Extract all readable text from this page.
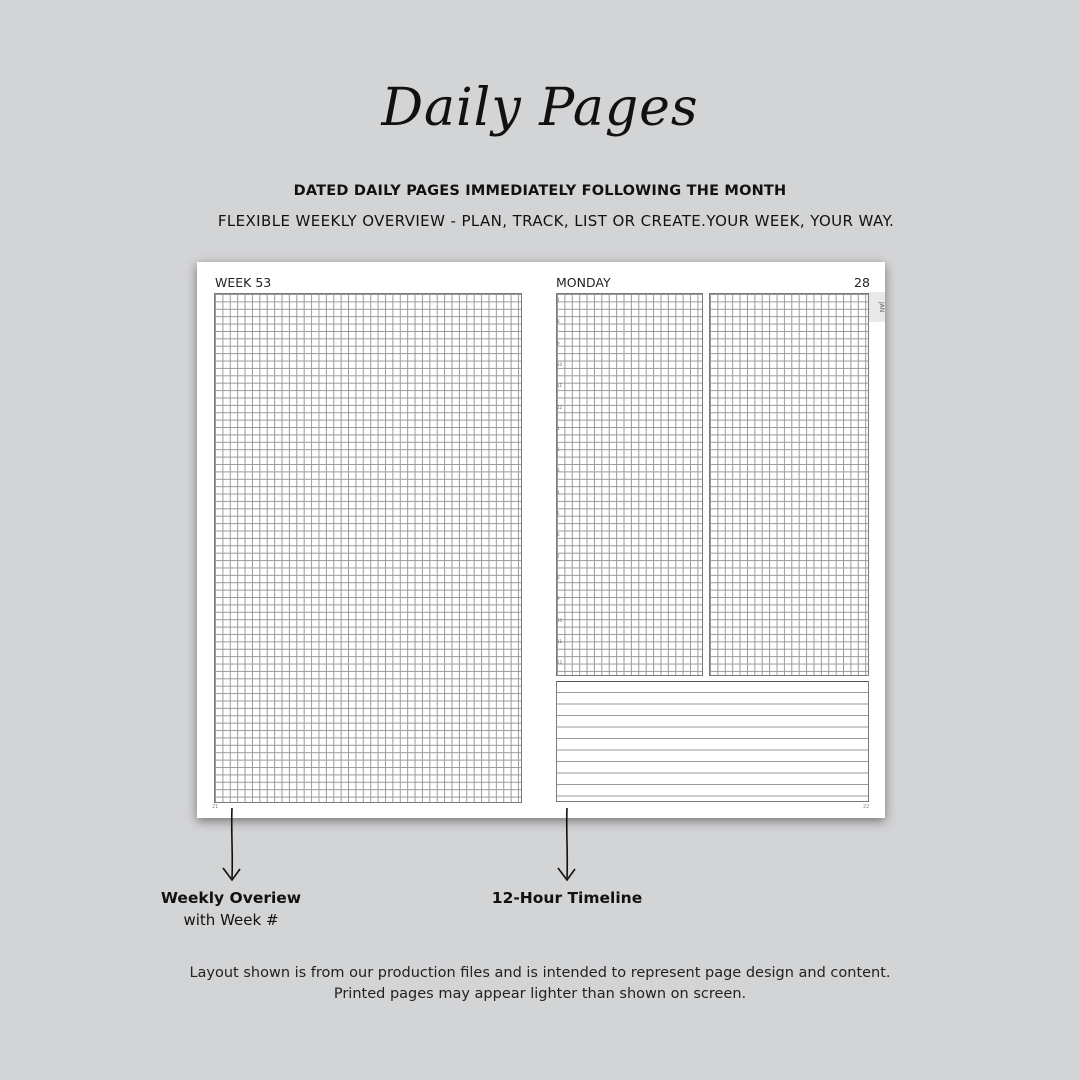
Daily Pages
DATED DAILY PAGES IMMEDIATELY FOLLOWING THE MONTH
FLEXIBLE WEEKLY OVERVIEW - PLAN, TRACK, LIST OR CREATE.YOUR WEEK, YOUR WAY.
WEEK 53
21
MONDAY	28
JAN
7
8
9
10
11
12
1
2
3
4
5
6
7
8
9
10
11
12
22
Weekly Overiew
with Week #
12-Hour Timeline
Layout shown is from our production files and is intended to represent page design and content.
Printed pages may appear lighter than shown on screen.
